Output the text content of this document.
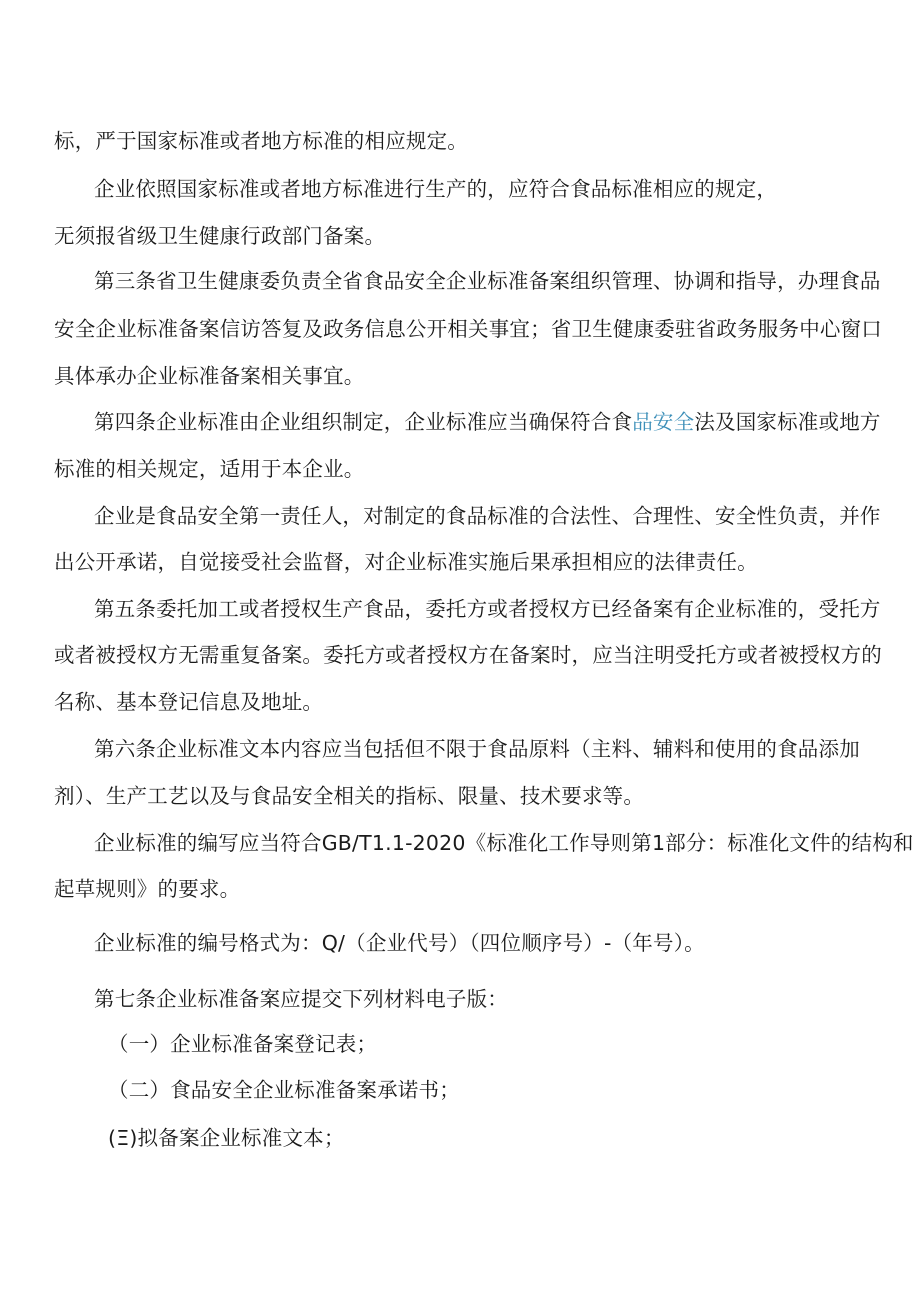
标，严于国家标准或者地方标准的相应规定。
企业依照国家标准或者地方标准进行生产的，应符合食品标准相应的规定，
无须报省级卫生健康行政部门备案。
第三条省卫生健康委负责全省食品安全企业标准备案组织管理、协调和指导，办理食品
安全企业标准备案信访答复及政务信息公开相关事宜；省卫生健康委驻省政务服务中心窗口
具体承办企业标准备案相关事宜。
第四条企业标准由企业组织制定，企业标准应当确保符合食品安全法及国家标准或地方
标准的相关规定，适用于本企业。
企业是食品安全第一责任人，对制定的食品标准的合法性、合理性、安全性负责，并作
出公开承诺，自觉接受社会监督，对企业标准实施后果承担相应的法律责任。
第五条委托加工或者授权生产食品，委托方或者授权方已经备案有企业标准的，受托方
或者被授权方无需重复备案。委托方或者授权方在备案时，应当注明受托方或者被授权方的
名称、基本登记信息及地址。
第六条企业标准文本内容应当包括但不限于食品原料（主料、辅料和使用的食品添加
剂）、生产工艺以及与食品安全相关的指标、限量、技术要求等。
企业标准的编写应当符合GB/T1.1-2020《标准化工作导则第1部分：标准化文件的结构和
起草规则》的要求。
企业标准的编号格式为：Q/（企业代号）（四位顺序号）-（年号）。
第七条企业标准备案应提交下列材料电子版：
（一）企业标准备案登记表；
（二）食品安全企业标准备案承诺书；
(Ξ)拟备案企业标准文本；
